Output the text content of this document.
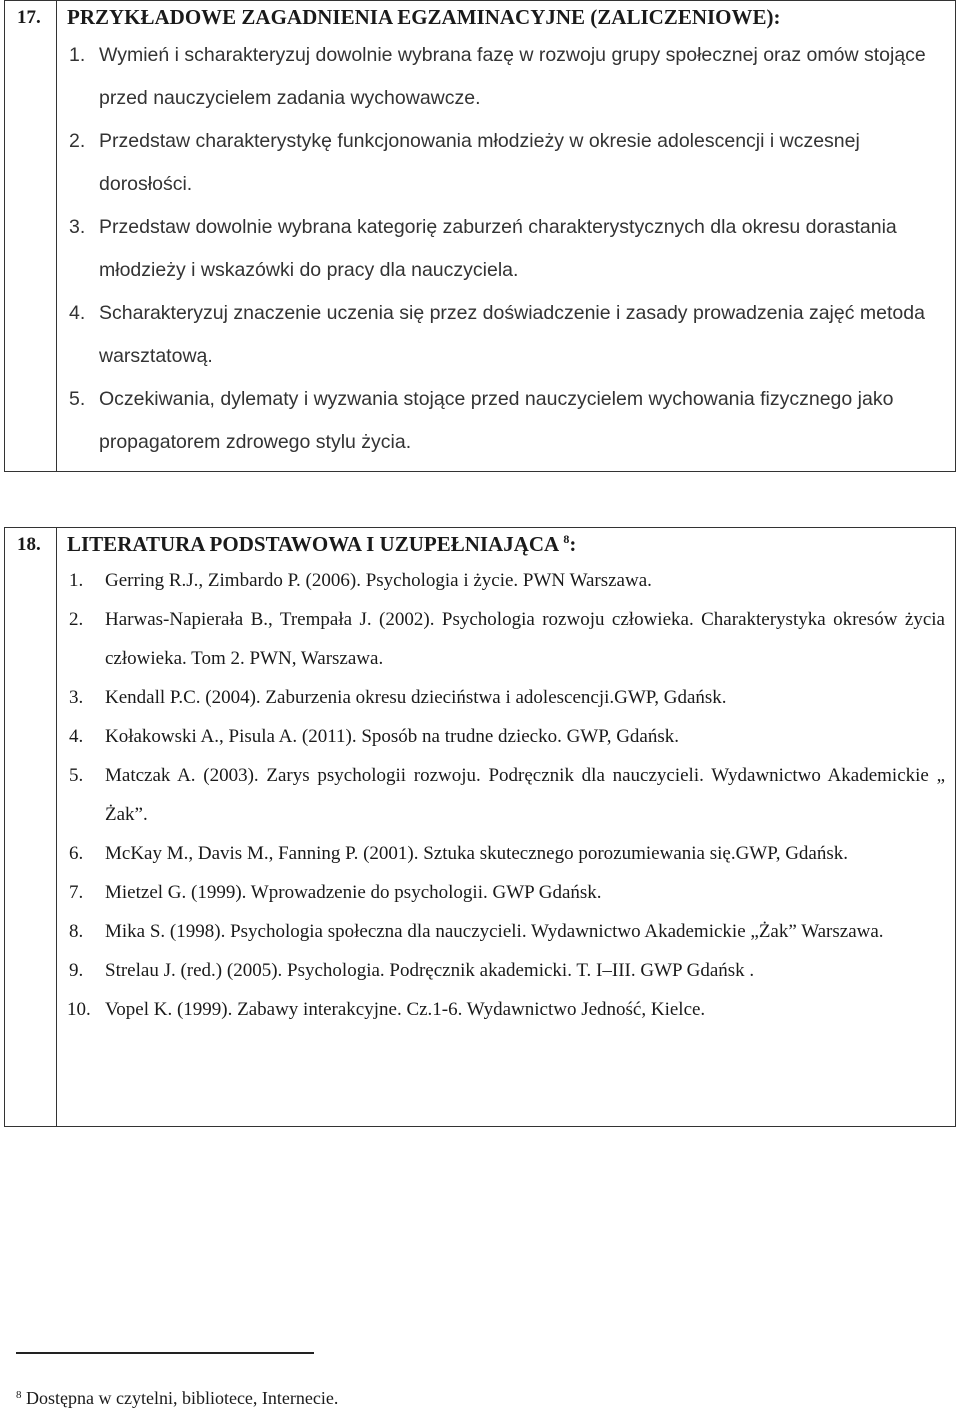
17.	PRZYKŁADOWE ZAGADNIENIA EGZAMINACYJNE (ZALICZENIOWE):
1. Wymień i scharakteryzuj dowolnie wybrana fazę w rozwoju grupy społecznej oraz omów stojące przed nauczycielem zadania wychowawcze.
2. Przedstaw charakterystykę funkcjonowania młodzieży w okresie adolescencji i wczesnej dorosłości.
3. Przedstaw dowolnie wybrana kategorię zaburzeń charakterystycznych dla okresu dorastania młodzieży i wskazówki do pracy dla nauczyciela.
4. Scharakteryzuj znaczenie uczenia się przez doświadczenie i zasady prowadzenia zajęć metoda warsztatową.
5. Oczekiwania, dylematy i wyzwania stojące przed nauczycielem wychowania fizycznego jako propagatorem zdrowego stylu życia.
18.	LITERATURA PODSTAWOWA I UZUPEŁNIAJĄCA $^8$:
1. Gerring R.J., Zimbardo P. (2006). Psychologia i życie. PWN Warszawa.
2. Harwas-Napierała B., Trempała J. (2002). Psychologia rozwoju człowieka. Charakterystyka okresów życia człowieka. Tom 2. PWN, Warszawa.
3. Kendall P.C. (2004). Zaburzenia okresu dzieciństwa i adolescencji.GWP, Gdańsk.
4. Kołakowski A., Pisula A. (2011). Sposób na trudne dziecko. GWP, Gdańsk.
5. Matczak A. (2003). Zarys psychologii rozwoju. Podręcznik dla nauczycieli. Wydawnictwo Akademickie „ Żak”.
6. McKay M., Davis M., Fanning P. (2001). Sztuka skutecznego porozumiewania się.GWP, Gdańsk.
7. Mietzel G. (1999). Wprowadzenie do psychologii. GWP Gdańsk.
8. Mika S. (1998). Psychologia społeczna dla nauczycieli. Wydawnictwo Akademickie „Żak” Warszawa.
9. Strelau J. (red.) (2005). Psychologia. Podręcznik akademicki. T. I–III. GWP Gdańsk .
10. Vopel K. (1999). Zabawy interakcyjne. Cz.1-6. Wydawnictwo Jedność, Kielce.
$^8$ Dostępna w czytelni, bibliotece, Internecie.
